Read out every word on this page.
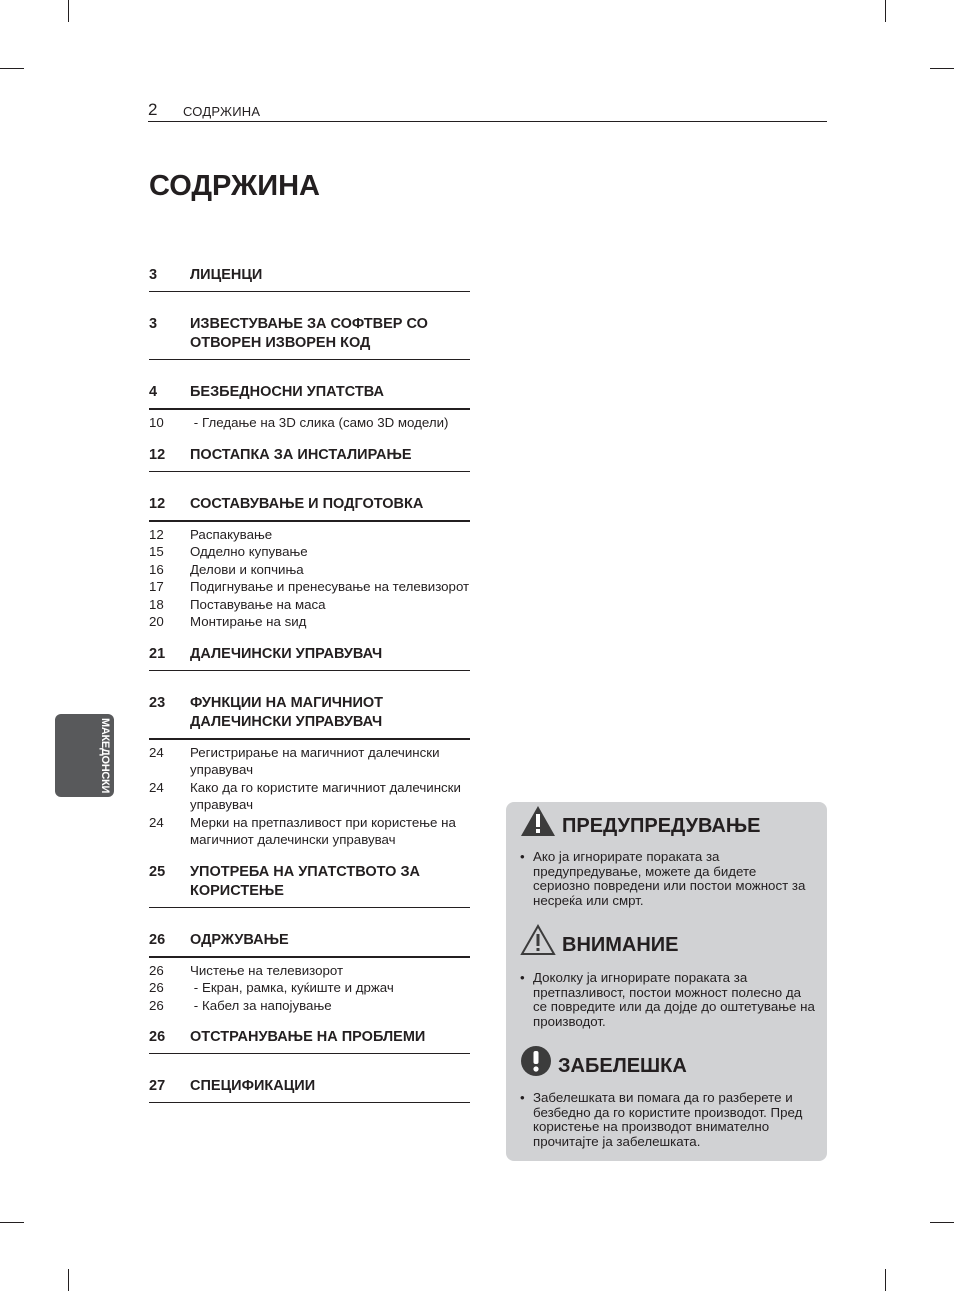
2 СОДРЖИНА
СОДРЖИНА
МАКЕДОНСКИ
3	ЛИЦЕНЦИ
3	ИЗВЕСТУВАЊЕ ЗА СОФТВЕР СО ОТВОРЕН ИЗВОРЕН КОД
4	БЕЗБЕДНОСНИ УПАТСТВА
10	- Гледање на 3D слика (само 3D модели)
12	ПОСТАПКА ЗА ИНСТАЛИРАЊЕ
12	СОСТАВУВАЊЕ И ПОДГОТОВКА
12	Распакување
15	Одделно купување
16	Делови и копчиња
17	Подигнување и пренесување на телевизорот
18	Поставување на маса
20	Монтирање на ѕид
21	ДАЛЕЧИНСКИ УПРАВУВАЧ
23	ФУНКЦИИ НА МАГИЧНИОТ ДАЛЕЧИНСКИ УПРАВУВАЧ
24	Регистрирање на магичниот далечински управувач
24	Како да го користите магичниот далечински управувач
24	Мерки на претпазливост при користење на магичниот далечински управувач
25	УПОТРЕБА НА УПАТСТВОТО ЗА КОРИСТЕЊЕ
26	ОДРЖУВАЊЕ
26	Чистење на телевизорот
26	- Екран, рамка, куќиште и држач
26	- Кабел за напојување
26	ОТСТРАНУВАЊЕ НА ПРОБЛЕМИ
27	СПЕЦИФИКАЦИИ
ПРЕДУПРЕДУВАЊЕ
• Ако ја игнорирате пораката за предупредување, можете да бидете сериозно повредени или постои можност за несреќа или смрт.
ВНИМАНИЕ
• Доколку ја игнорирате пораката за претпазливост, постои можност полесно да се повредите или да дојде до оштетување на производот.
ЗАБЕЛЕШКА
• Забелешката ви помага да го разберете и безбедно да го користите производот. Пред користење на производот внимателно прочитајте ја забелешката.
